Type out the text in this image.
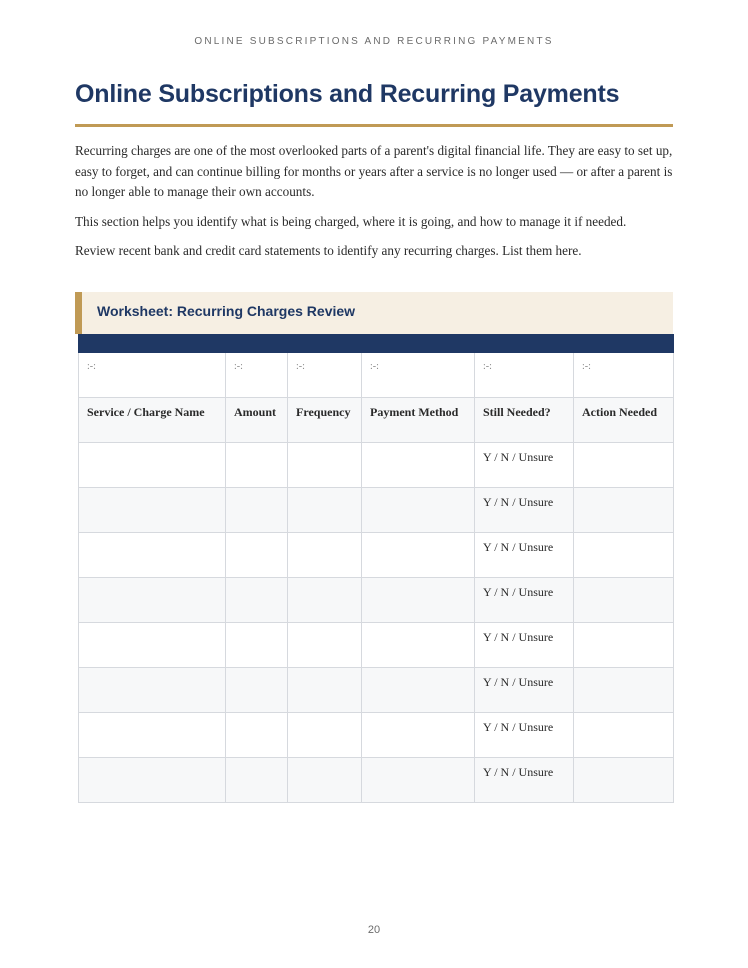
ONLINE SUBSCRIPTIONS AND RECURRING PAYMENTS
Online Subscriptions and Recurring Payments

Recurring charges are one of the most overlooked parts of a parent's digital financial life. They are easy to set up, easy to forget, and can continue billing for months or years after a service is no longer used — or after a parent is no longer able to manage their own accounts.

This section helps you identify what is being charged, where it is going, and how to manage it if needed.

Review recent bank and credit card statements to identify any recurring charges. List them here.

Worksheet: Recurring Charges Review

:-:	:-:	:-:	:-:	:-:	:-:
Service / Charge Name	Amount	Frequency	Payment Method	Still Needed?	Action Needed
				Y / N / Unsure	
				Y / N / Unsure	
				Y / N / Unsure	
				Y / N / Unsure	
				Y / N / Unsure	
				Y / N / Unsure	
				Y / N / Unsure	
				Y / N / Unsure	
20
